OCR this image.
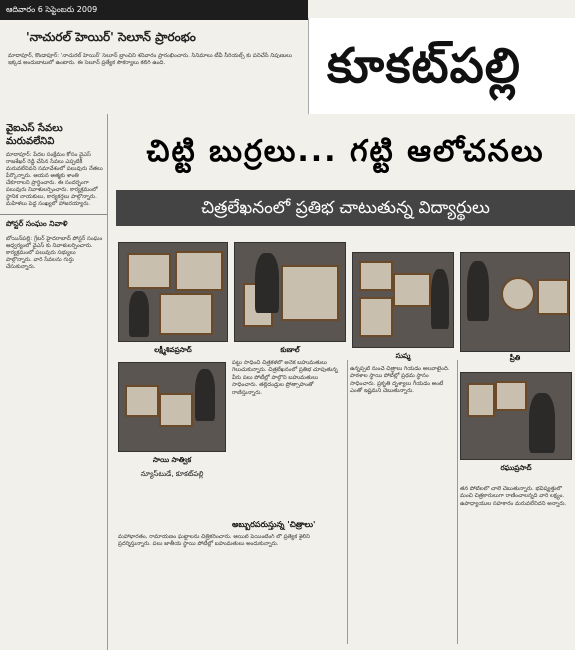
ఆదివారం 6 సెప్టెంబరు 2009
'నాచురల్ హెయిర్' సెలూన్ ప్రారంభం
మాదాపూర్, కొండాపూర్: 'నాచురల్ హెయిర్' సెలూన్ బ్రాంచిని శనివారం ప్రారంభించారు. సినిమాలు టీవీ సీరియల్స్ కు పనిచేసే నిపుణులు ఇక్కడ అందుబాటులో ఉంటారు. ఈ సెలూన్ ప్రత్యేక సౌకర్యాలు కలిగి ఉంది.	కూకట్‌పల్లి
వైఐఎస్ సేవలు మరువలేనివి
మాదాపూర్: పేదల సంక్షేమం కోసం వైఎస్ రాజశేఖర్ రెడ్డి చేసిన సేవలు ఎప్పటికీ మరువలేనివని సమావేశంలో పలువురు నేతలు పేర్కొన్నారు. ఆయన ఆత్మకు శాంతి చేకూరాలని ప్రార్థించారు. ఈ సందర్భంగా పలువురు నివాళులర్పించారు. కార్యక్రమంలో స్థానిక నాయకులు, కార్యకర్తలు పాల్గొన్నారు. మహిళలు పెద్ద సంఖ్యలో హాజరయ్యారు.
పోస్టర్ సంఘం నివాళి
బోయిన్‌పల్లి: గ్రేటర్ హైదరాబాద్ పోస్టర్ సంఘం ఆధ్వర్యంలో వైఎస్ కు నివాళులర్పించారు. కార్యక్రమంలో పలువురు సభ్యులు పాల్గొన్నారు. వారి సేవలను గుర్తు చేసుకున్నారు.
చిట్టి బుర్రలు... గట్టి ఆలోచనలు
చిత్రలేఖనంలో ప్రతిభ చాటుతున్న విద్యార్థులు
లక్ష్మీశివప్రసాద్	కుణాల్
సుష్మ	ప్రీతి
సాయి సాత్విక
న్యూస్‌టుడే, కూకట్‌పల్లి
రఘుప్రసాద్
పట్టు సాధించి చిత్రకళలో అనేక బహుమతులు గెలుచుకున్నారు. చిత్రలేఖనంలో ప్రతిభ చూపుతున్న వీరు పలు పోటీల్లో పాల్గొని బహుమతులు సాధించారు. తల్లిదండ్రుల ప్రోత్సాహంతో రాణిస్తున్నారు.
ఉన్నప్పటి నుంచే చిత్రాలు గీయడం అలవాటైంది. పాఠశాల స్థాయి పోటీల్లో ప్రథమ స్థానం సాధించారు. ప్రకృతి దృశ్యాలు గీయడం అంటే ఎంతో ఇష్టమని చెబుతున్నారు.
తన పోటీలలో చాలే చెబుతున్నారు. భవిష్యత్తులో మంచి చిత్రకారులుగా రాణించాలన్నది వారి లక్ష్యం. ఉపాధ్యాయుల సహకారం మరువలేనిదని అన్నారు.
అబ్బురపరుస్తున్న 'చిత్రాలు'
మహాభారతం, రామాయణం ఘట్టాలను చిత్రీకరించారు. ఆయిల్ పెయింటింగ్ లో ప్రత్యేక శైలిని ప్రదర్శిస్తున్నారు. పలు జాతీయ స్థాయి పోటీల్లో బహుమతులు అందుకున్నారు.
